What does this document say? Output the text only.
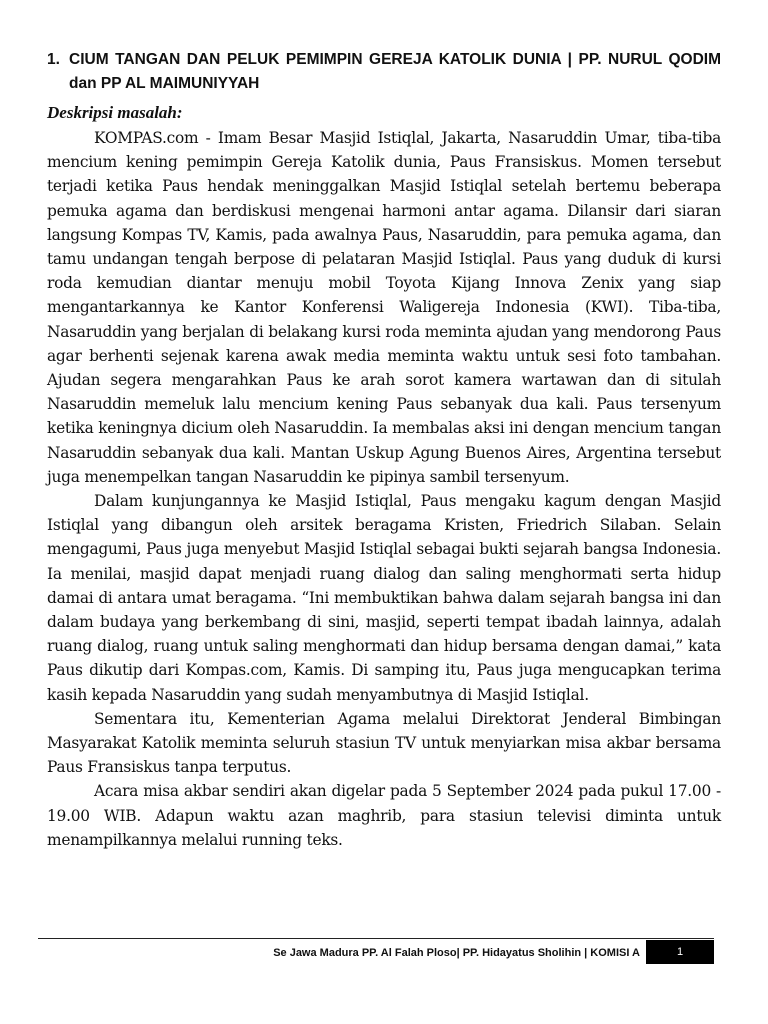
1. CIUM TANGAN DAN PELUK PEMIMPIN GEREJA KATOLIK DUNIA | PP. NURUL QODIM dan PP AL MAIMUNIYYAH
Deskripsi masalah:

KOMPAS.com - Imam Besar Masjid Istiqlal, Jakarta, Nasaruddin Umar, tiba-tiba mencium kening pemimpin Gereja Katolik dunia, Paus Fransiskus. Momen tersebut terjadi ketika Paus hendak meninggalkan Masjid Istiqlal setelah bertemu beberapa pemuka agama dan berdiskusi mengenai harmoni antar agama. Dilansir dari siaran langsung Kompas TV, Kamis, pada awalnya Paus, Nasaruddin, para pemuka agama, dan tamu undangan tengah berpose di pelataran Masjid Istiqlal. Paus yang duduk di kursi roda kemudian diantar menuju mobil Toyota Kijang Innova Zenix yang siap mengantarkannya ke Kantor Konferensi Waligereja Indonesia (KWI). Tiba-tiba, Nasaruddin yang berjalan di belakang kursi roda meminta ajudan yang mendorong Paus agar berhenti sejenak karena awak media meminta waktu untuk sesi foto tambahan. Ajudan segera mengarahkan Paus ke arah sorot kamera wartawan dan di situlah Nasaruddin memeluk lalu mencium kening Paus sebanyak dua kali. Paus tersenyum ketika keningnya dicium oleh Nasaruddin. Ia membalas aksi ini dengan mencium tangan Nasaruddin sebanyak dua kali. Mantan Uskup Agung Buenos Aires, Argentina tersebut juga menempelkan tangan Nasaruddin ke pipinya sambil tersenyum.

Dalam kunjungannya ke Masjid Istiqlal, Paus mengaku kagum dengan Masjid Istiqlal yang dibangun oleh arsitek beragama Kristen, Friedrich Silaban. Selain mengagumi, Paus juga menyebut Masjid Istiqlal sebagai bukti sejarah bangsa Indonesia. Ia menilai, masjid dapat menjadi ruang dialog dan saling menghormati serta hidup damai di antara umat beragama. “Ini membuktikan bahwa dalam sejarah bangsa ini dan dalam budaya yang berkembang di sini, masjid, seperti tempat ibadah lainnya, adalah ruang dialog, ruang untuk saling menghormati dan hidup bersama dengan damai,” kata Paus dikutip dari Kompas.com, Kamis. Di samping itu, Paus juga mengucapkan terima kasih kepada Nasaruddin yang sudah menyambutnya di Masjid Istiqlal.

Sementara itu, Kementerian Agama melalui Direktorat Jenderal Bimbingan Masyarakat Katolik meminta seluruh stasiun TV untuk menyiarkan misa akbar bersama Paus Fransiskus tanpa terputus.

Acara misa akbar sendiri akan digelar pada 5 September 2024 pada pukul 17.00 - 19.00 WIB. Adapun waktu azan maghrib, para stasiun televisi diminta untuk menampilkannya melalui running teks.

Se Jawa Madura PP. Al Falah Ploso| PP. Hidayatus Sholihin | KOMISI A	1
